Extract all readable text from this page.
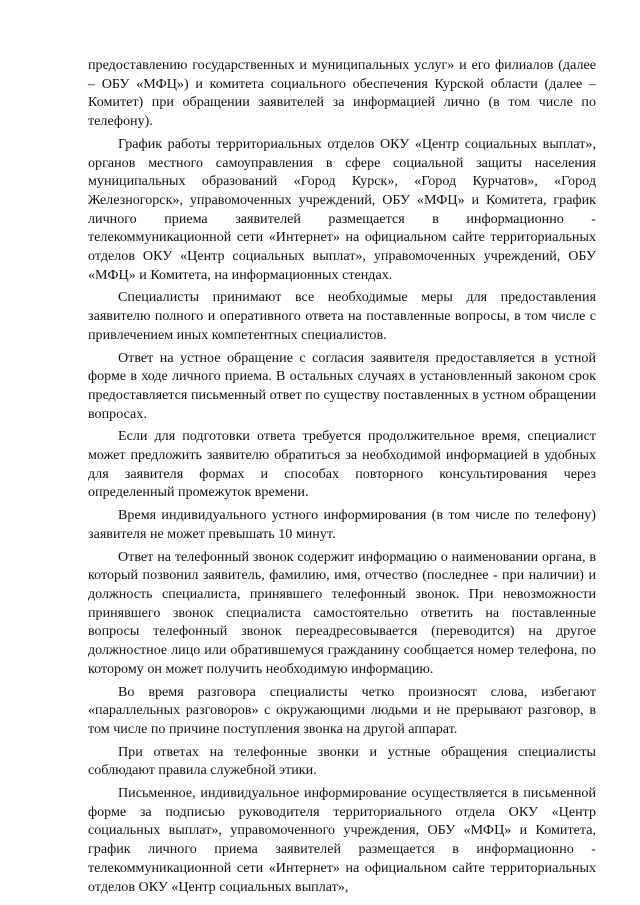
предоставлению государственных и муниципальных услуг» и его филиалов (далее – ОБУ «МФЦ») и комитета социального обеспечения Курской области (далее – Комитет) при обращении заявителей за информацией лично (в том числе по телефону).

График работы территориальных отделов ОКУ «Центр социальных выплат», органов местного самоуправления в сфере социальной защиты населения муниципальных образований «Город Курск», «Город Курчатов», «Город Железногорск», управомоченных учреждений, ОБУ «МФЦ» и Комитета, график личного приема заявителей размещается в информационно - телекоммуникационной сети «Интернет» на официальном сайте территориальных отделов ОКУ «Центр социальных выплат», управомоченных учреждений, ОБУ «МФЦ» и Комитета, на информационных стендах.

Специалисты принимают все необходимые меры для предоставления заявителю полного и оперативного ответа на поставленные вопросы, в том числе с привлечением иных компетентных специалистов.

Ответ на устное обращение с согласия заявителя предоставляется в устной форме в ходе личного приема. В остальных случаях в установленный законом срок предоставляется письменный ответ по существу поставленных в устном обращении вопросах.

Если для подготовки ответа требуется продолжительное время, специалист может предложить заявителю обратиться за необходимой информацией в удобных для заявителя формах и способах повторного консультирования через определенный промежуток времени.

Время индивидуального устного информирования (в том числе по телефону) заявителя не может превышать 10 минут.

Ответ на телефонный звонок содержит информацию о наименовании органа, в который позвонил заявитель, фамилию, имя, отчество (последнее - при наличии) и должность специалиста, принявшего телефонный звонок. При невозможности принявшего звонок специалиста самостоятельно ответить на поставленные вопросы телефонный звонок переадресовывается (переводится) на другое должностное лицо или обратившемуся гражданину сообщается номер телефона, по которому он может получить необходимую информацию.

Во время разговора специалисты четко произносят слова, избегают «параллельных разговоров» с окружающими людьми и не прерывают разговор, в том числе по причине поступления звонка на другой аппарат.

При ответах на телефонные звонки и устные обращения специалисты соблюдают правила служебной этики.

Письменное, индивидуальное информирование осуществляется в письменной форме за подписью руководителя территориального отдела ОКУ «Центр социальных выплат», управомоченного учреждения, ОБУ «МФЦ» и Комитета, график личного приема заявителей размещается в информационно - телекоммуникационной сети «Интернет» на официальном сайте территориальных отделов ОКУ «Центр социальных выплат»,
